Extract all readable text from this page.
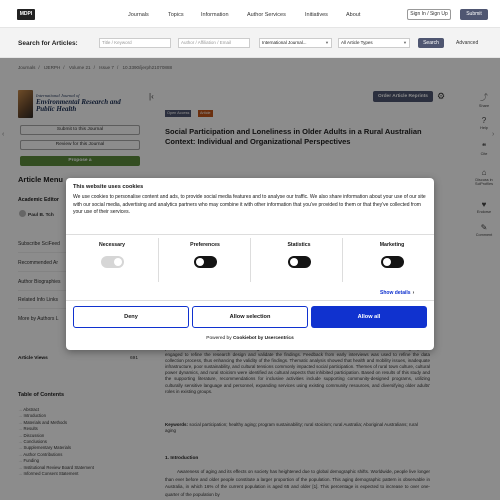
MDPI	Journals	Topics	Information	Author Services	Initiatives	About	Sign In / Sign Up	Submit
Search for Articles:	Title / Keyword	Author / Affiliation / Email	International Journal...	▼	All Article Types	▼	Search	Advanced
Journals / IJERPH / Volume 21 / Issue 7 / 10.3390/ijerph21070888
International Journal of
Environmental Research and Public Health
Submit to this Journal
Review for this Journal
Propose a
Article Menu
Academic Editor
Paul B. Tch
Subscribe SciFeed
Recommended Ar
Author Biographies
Related Info Links
More by Authors L
Article Views	691
Table of Contents
→ Abstract
→ Introduction
→ Materials and Methods
→ Results
→ Discussion
→ Conclusions
→ Supplementary Materials
→ Author Contributions
→ Funding
→ Institutional Review Board Statement
→ Informed Consent Statement
‹
|‹	Order Article Reprints	⚙
Open Access	Article
Social Participation and Loneliness in Older Adults in a Rural Australian Context: Individual and Organizational Perspectives
engaged to refine the research design and validate the findings. Feedback from early interviews was used to refine the data collection process, thus enhancing the validity of the findings. Thematic analysis showed that health and mobility issues, inadequate infrastructure, poor sustainability, and cultural tensions commonly impacted social participation. Themes of rural town culture, cultural power dynamics, and rural stoicism were identified as cultural aspects that inhibited participation. Based on results of this study and the supporting literature, recommendations for inclusive activities include supporting community-designed programs, utilizing culturally sensitive language and personnel, expanding services using existing community resources, and diversifying older adults' roles in existing groups.
Keywords: social participation; healthy aging; program sustainability; rural stoicism; rural Australia; Aboriginal Australians; rural aging
1. Introduction
Awareness of aging and its effects on society has heightened due to global demographic shifts. Worldwide, people live longer than ever before and older people constitute a larger proportion of the population. This aging demographic pattern is observable in Australia, in which 16% of the current population is aged 65 and older [1]. This percentage is expected to increase to over one-quarter of the population by
⤴
Share
?
Help
❝
Cite
⌂
Discuss in SciProfiles
♥
Endorse
✎
Comment
›
This website uses cookies
We use cookies to personalise content and ads, to provide social media features and to analyse our traffic. We also share information about your use of our site with our social media, advertising and analytics partners who may combine it with other information that you've provided to them or that they've collected from your use of their services.
Necessary	Preferences	Statistics	Marketing
Show details ›
Deny	Allow selection	Allow all
Powered by Cookiebot by Usercentrics
